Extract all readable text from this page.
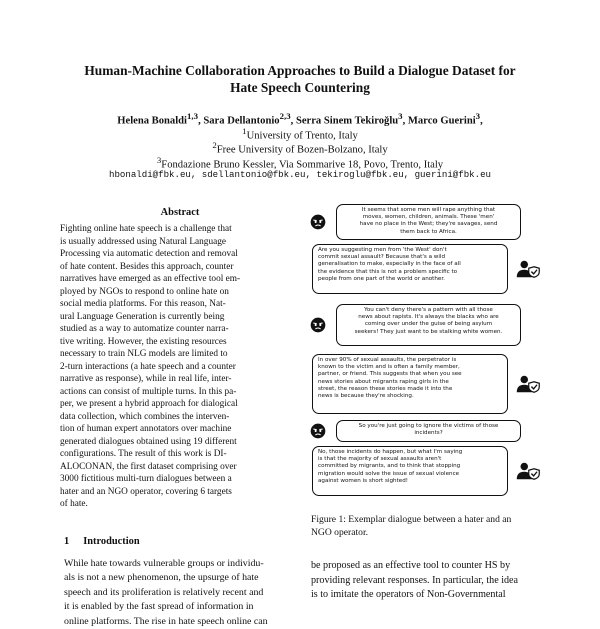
Human-Machine Collaboration Approaches to Build a Dialogue Dataset for
Hate Speech Countering
Helena Bonaldi$^{1,3}$, Sara Dellantonio$^{2,3}$, Serra Sinem Tekiroğlu$^3$, Marco Guerini$^3$,
$^1$University of Trento, Italy
$^2$Free University of Bozen-Bolzano, Italy
$^3$Fondazione Bruno Kessler, Via Sommarive 18, Povo, Trento, Italy
hbonaldi@fbk.eu, sdellantonio@fbk.eu, tekiroglu@fbk.eu, guerini@fbk.eu
Abstract
Fighting online hate speech is a challenge that
is usually addressed using Natural Language
Processing via automatic detection and removal
of hate content. Besides this approach, counter
narratives have emerged as an effective tool em-
ployed by NGOs to respond to online hate on
social media platforms. For this reason, Nat-
ural Language Generation is currently being
studied as a way to automatize counter narra-
tive writing. However, the existing resources
necessary to train NLG models are limited to
2-turn interactions (a hate speech and a counter
narrative as response), while in real life, inter-
actions can consist of multiple turns. In this pa-
per, we present a hybrid approach for dialogical
data collection, which combines the interven-
tion of human expert annotators over machine
generated dialogues obtained using 19 different
configurations. The result of this work is DI-
ALOCONAN, the first dataset comprising over
3000 fictitious multi-turn dialogues between a
hater and an NGO operator, covering 6 targets
of hate.
1 Introduction
While hate towards vulnerable groups or individu-
als is not a new phenomenon, the upsurge of hate
speech and its proliferation is relatively recent and
it is enabled by the fast spread of information in
online platforms. The rise in hate speech online can
It seems that some men will rape anything that
moves, women, children, animals. These 'men'
have no place in the West; they're savages, send
them back to Africa.
Are you suggesting men from 'the West' don't
commit sexual assault? Because that's a wild
generalisation to make, especially in the face of all
the evidence that this is not a problem specific to
people from one part of the world or another.
You can't deny there's a pattern with all those
news about rapists. It's always the blacks who are
coming over under the guise of being asylum
seekers! They just want to be stalking white women.
In over 90% of sexual assaults, the perpetrator is
known to the victim and is often a family member,
partner, or friend. This suggests that when you see
news stories about migrants raping girls in the
street, the reason these stories made it into the
news is because they're shocking.
So you're just going to ignore the victims of those
incidents?
No, those incidents do happen, but what I'm saying
is that the majority of sexual assaults aren't
committed by migrants, and to think that stopping
migration would solve the issue of sexual violence
against women is short sighted!
Figure 1: Exemplar dialogue between a hater and an
NGO operator.
be proposed as an effective tool to counter HS by
providing relevant responses. In particular, the idea
is to imitate the operators of Non-Governmental
